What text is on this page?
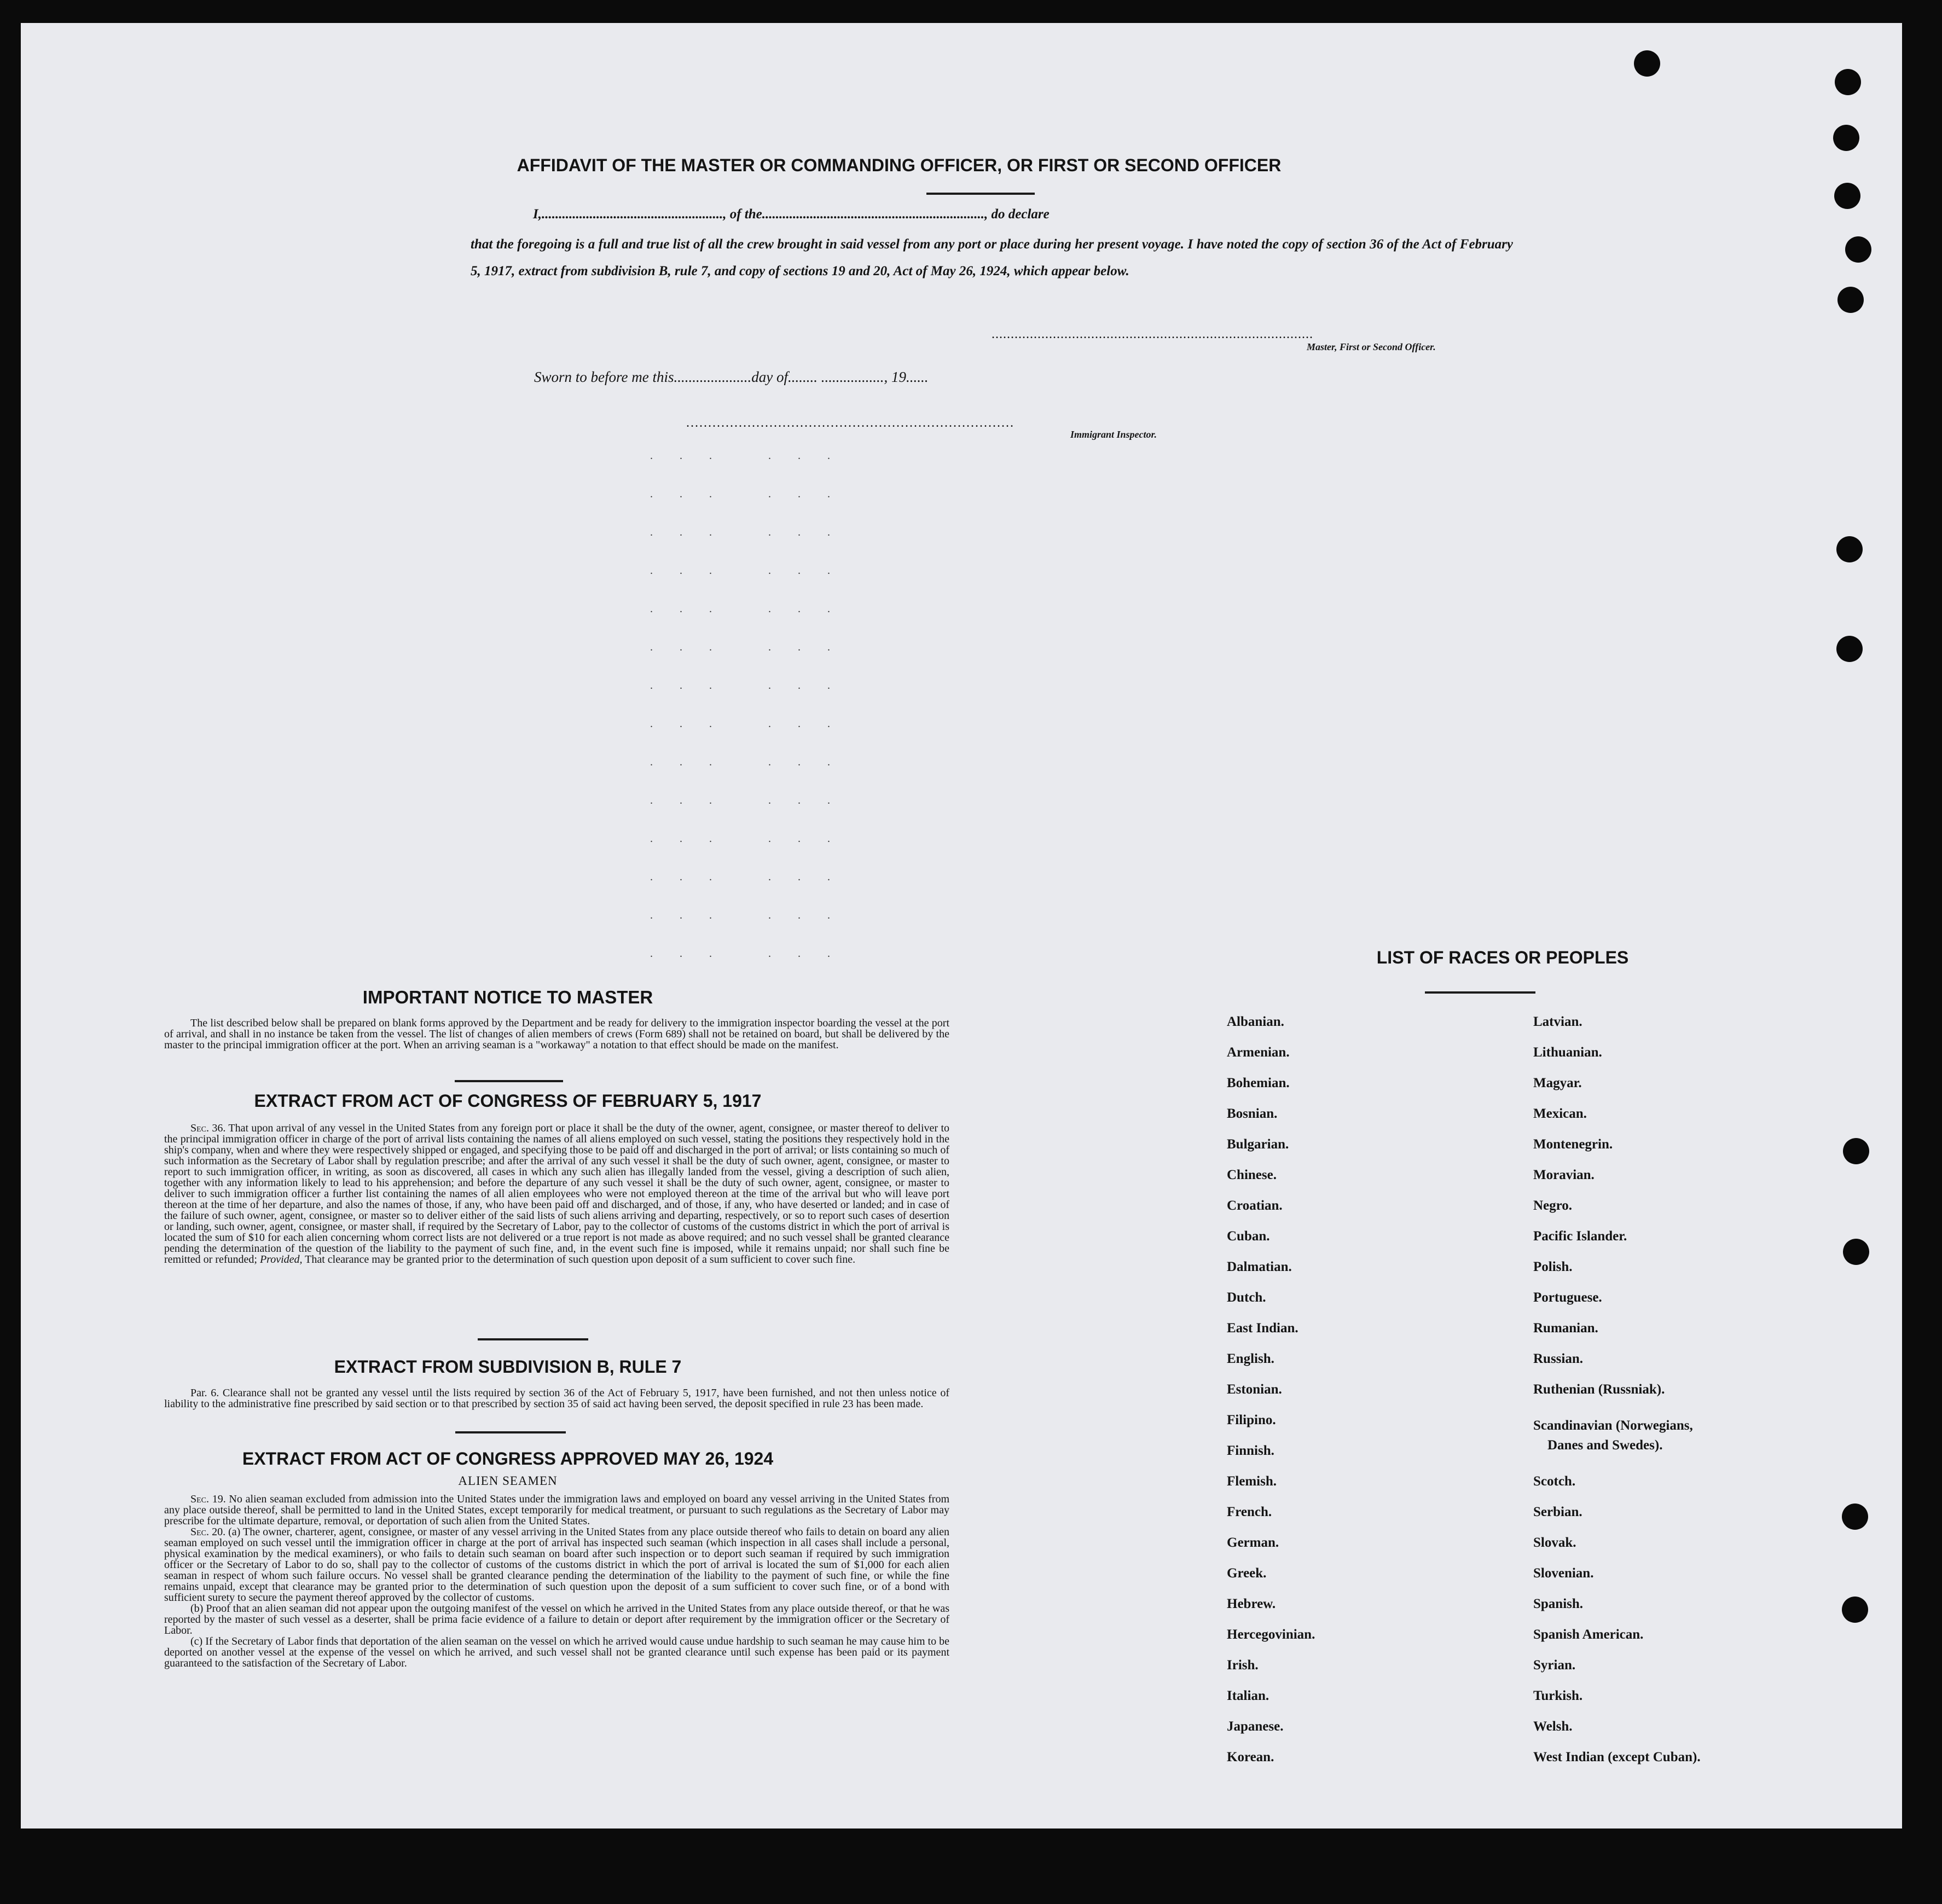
AFFIDAVIT OF THE MASTER OR COMMANDING OFFICER, OR FIRST OR SECOND OFFICER
I,....................................................., of the................................................................., do declare
that the foregoing is a full and true list of all the crew brought in said vessel from any port or place during her present voyage. I have noted the copy of section 36 of the Act of February 5, 1917, extract from subdivision B, rule 7, and copy of sections 19 and 20, Act of May 26, 1924, which appear below.
....................................................................................
Master, First or Second Officer.
Sworn to before me this.....................day of........ ................., 19......
...........................................................................
Immigrant Inspector.
. . .   . . .
. . .   . . .
. . .   . . .
. . .   . . .
. . .   . . .
. . .   . . .
. . .   . . .
. . .   . . .
. . .   . . .
. . .   . . .
. . .   . . .
. . .   . . .
. . .   . . .
. . .   . . .
IMPORTANT NOTICE TO MASTER

The list described below shall be prepared on blank forms approved by the Department and be ready for delivery to the immigration inspector boarding the vessel at the port of arrival, and shall in no instance be taken from the vessel. The list of changes of alien members of crews (Form 689) shall not be retained on board, but shall be delivered by the master to the principal immigration officer at the port. When an arriving seaman is a "workaway" a notation to that effect should be made on the manifest.

EXTRACT FROM ACT OF CONGRESS OF FEBRUARY 5, 1917

Sec. 36. That upon arrival of any vessel in the United States from any foreign port or place it shall be the duty of the owner, agent, consignee, or master thereof to deliver to the principal immigration officer in charge of the port of arrival lists containing the names of all aliens employed on such vessel, stating the positions they respectively hold in the ship's company, when and where they were respectively shipped or engaged, and specifying those to be paid off and discharged in the port of arrival; or lists containing so much of such information as the Secretary of Labor shall by regulation prescribe; and after the arrival of any such vessel it shall be the duty of such owner, agent, consignee, or master to report to such immigration officer, in writing, as soon as discovered, all cases in which any such alien has illegally landed from the vessel, giving a description of such alien, together with any information likely to lead to his apprehension; and before the departure of any such vessel it shall be the duty of such owner, agent, consignee, or master to deliver to such immigration officer a further list containing the names of all alien employees who were not employed thereon at the time of the arrival but who will leave port thereon at the time of her departure, and also the names of those, if any, who have been paid off and discharged, and of those, if any, who have deserted or landed; and in case of the failure of such owner, agent, consignee, or master so to deliver either of the said lists of such aliens arriving and departing, respectively, or so to report such cases of desertion or landing, such owner, agent, consignee, or master shall, if required by the Secretary of Labor, pay to the collector of customs of the customs district in which the port of arrival is located the sum of $10 for each alien concerning whom correct lists are not delivered or a true report is not made as above required; and no such vessel shall be granted clearance pending the determination of the question of the liability to the payment of such fine, and, in the event such fine is imposed, while it remains unpaid; nor shall such fine be remitted or refunded; Provided, That clearance may be granted prior to the determination of such question upon deposit of a sum sufficient to cover such fine.

EXTRACT FROM SUBDIVISION B, RULE 7

Par. 6. Clearance shall not be granted any vessel until the lists required by section 36 of the Act of February 5, 1917, have been furnished, and not then unless notice of liability to the administrative fine prescribed by said section or to that prescribed by section 35 of said act having been served, the deposit specified in rule 23 has been made.

EXTRACT FROM ACT OF CONGRESS APPROVED MAY 26, 1924
ALIEN SEAMEN

Sec. 19. No alien seaman excluded from admission into the United States under the immigration laws and employed on board any vessel arriving in the United States from any place outside thereof, shall be permitted to land in the United States, except temporarily for medical treatment, or pursuant to such regulations as the Secretary of Labor may prescribe for the ultimate departure, removal, or deportation of such alien from the United States.

Sec. 20. (a) The owner, charterer, agent, consignee, or master of any vessel arriving in the United States from any place outside thereof who fails to detain on board any alien seaman employed on such vessel until the immigration officer in charge at the port of arrival has inspected such seaman (which inspection in all cases shall include a personal, physical examination by the medical examiners), or who fails to detain such seaman on board after such inspection or to deport such seaman if required by such immigration officer or the Secretary of Labor to do so, shall pay to the collector of customs of the customs district in which the port of arrival is located the sum of $1,000 for each alien seaman in respect of whom such failure occurs. No vessel shall be granted clearance pending the determination of the liability to the payment of such fine, or while the fine remains unpaid, except that clearance may be granted prior to the determination of such question upon the deposit of a sum sufficient to cover such fine, or of a bond with sufficient surety to secure the payment thereof approved by the collector of customs.

(b) Proof that an alien seaman did not appear upon the outgoing manifest of the vessel on which he arrived in the United States from any place outside thereof, or that he was reported by the master of such vessel as a deserter, shall be prima facie evidence of a failure to detain or deport after requirement by the immigration officer or the Secretary of Labor.

(c) If the Secretary of Labor finds that deportation of the alien seaman on the vessel on which he arrived would cause undue hardship to such seaman he may cause him to be deported on another vessel at the expense of the vessel on which he arrived, and such vessel shall not be granted clearance until such expense has been paid or its payment guaranteed to the satisfaction of the Secretary of Labor.

LIST OF RACES OR PEOPLES
Albanian.
Armenian.
Bohemian.
Bosnian.
Bulgarian.
Chinese.
Croatian.
Cuban.
Dalmatian.
Dutch.
East Indian.
English.
Estonian.
Filipino.
Finnish.
Flemish.
French.
German.
Greek.
Hebrew.
Hercegovinian.
Irish.
Italian.
Japanese.
Korean.
Latvian.
Lithuanian.
Magyar.
Mexican.
Montenegrin.
Moravian.
Negro.
Pacific Islander.
Polish.
Portuguese.
Rumanian.
Russian.
Ruthenian (Russniak).
Scandinavian (Norwegians,
Danes and Swedes).
Scotch.
Serbian.
Slovak.
Slovenian.
Spanish.
Spanish American.
Syrian.
Turkish.
Welsh.
West Indian (except Cuban).
